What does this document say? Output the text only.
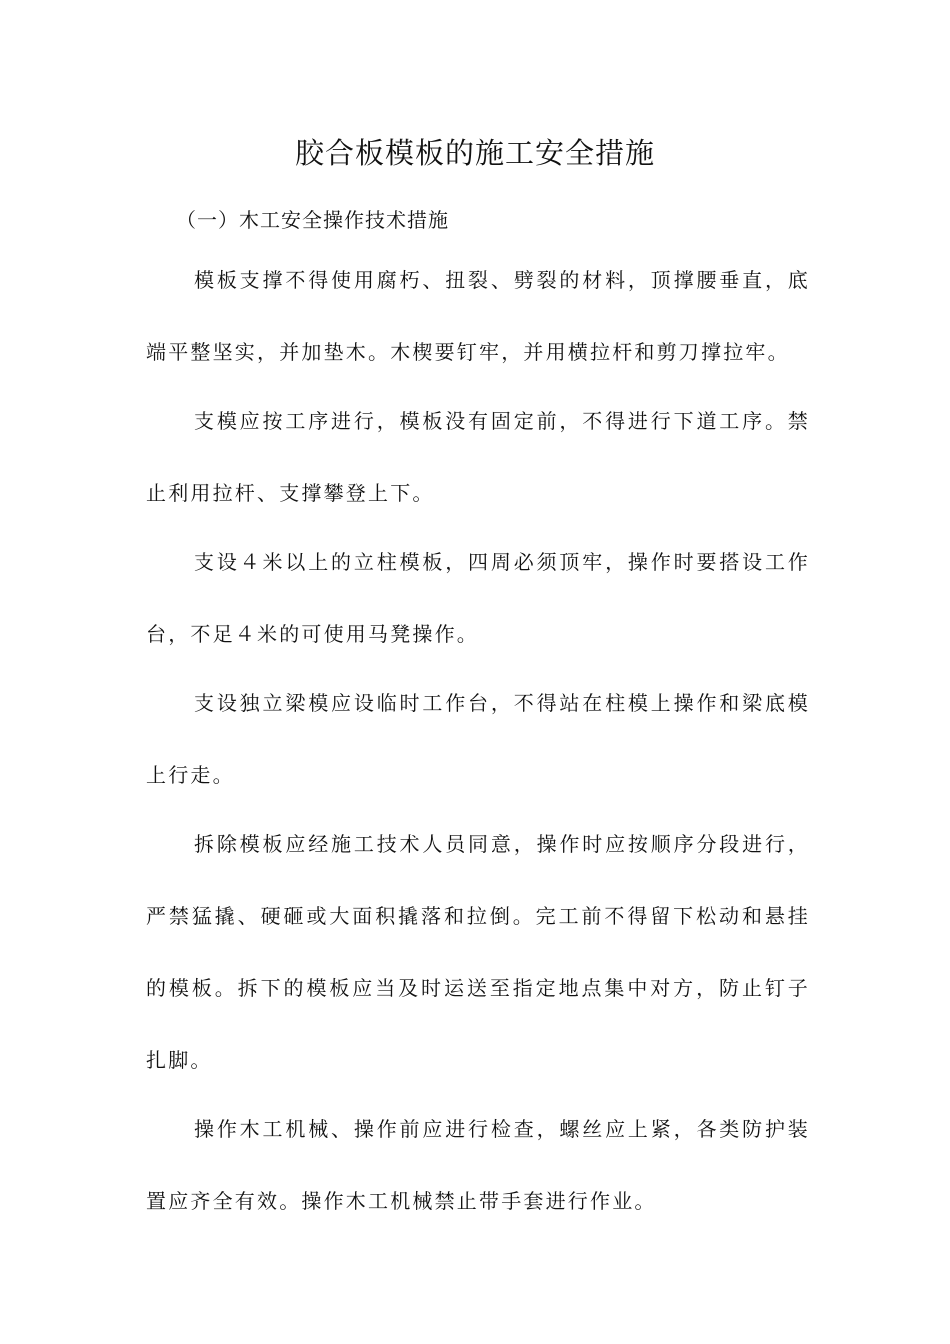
胶合板模板的施工安全措施
（一）木工安全操作技术措施

模板支撑不得使用腐朽、扭裂、劈裂的材料，顶撑腰垂直，底端平整坚实，并加垫木。木楔要钉牢，并用横拉杆和剪刀撑拉牢。

支模应按工序进行，模板没有固定前，不得进行下道工序。禁止利用拉杆、支撑攀登上下。

支设４米以上的立柱模板，四周必须顶牢，操作时要搭设工作台，不足４米的可使用马凳操作。

支设独立梁模应设临时工作台，不得站在柱模上操作和梁底模上行走。

拆除模板应经施工技术人员同意，操作时应按顺序分段进行，严禁猛撬、硬砸或大面积撬落和拉倒。完工前不得留下松动和悬挂的模板。拆下的模板应当及时运送至指定地点集中对方，防止钉子扎脚。

操作木工机械、操作前应进行检查，螺丝应上紧，各类防护装置应齐全有效。操作木工机械禁止带手套进行作业。
